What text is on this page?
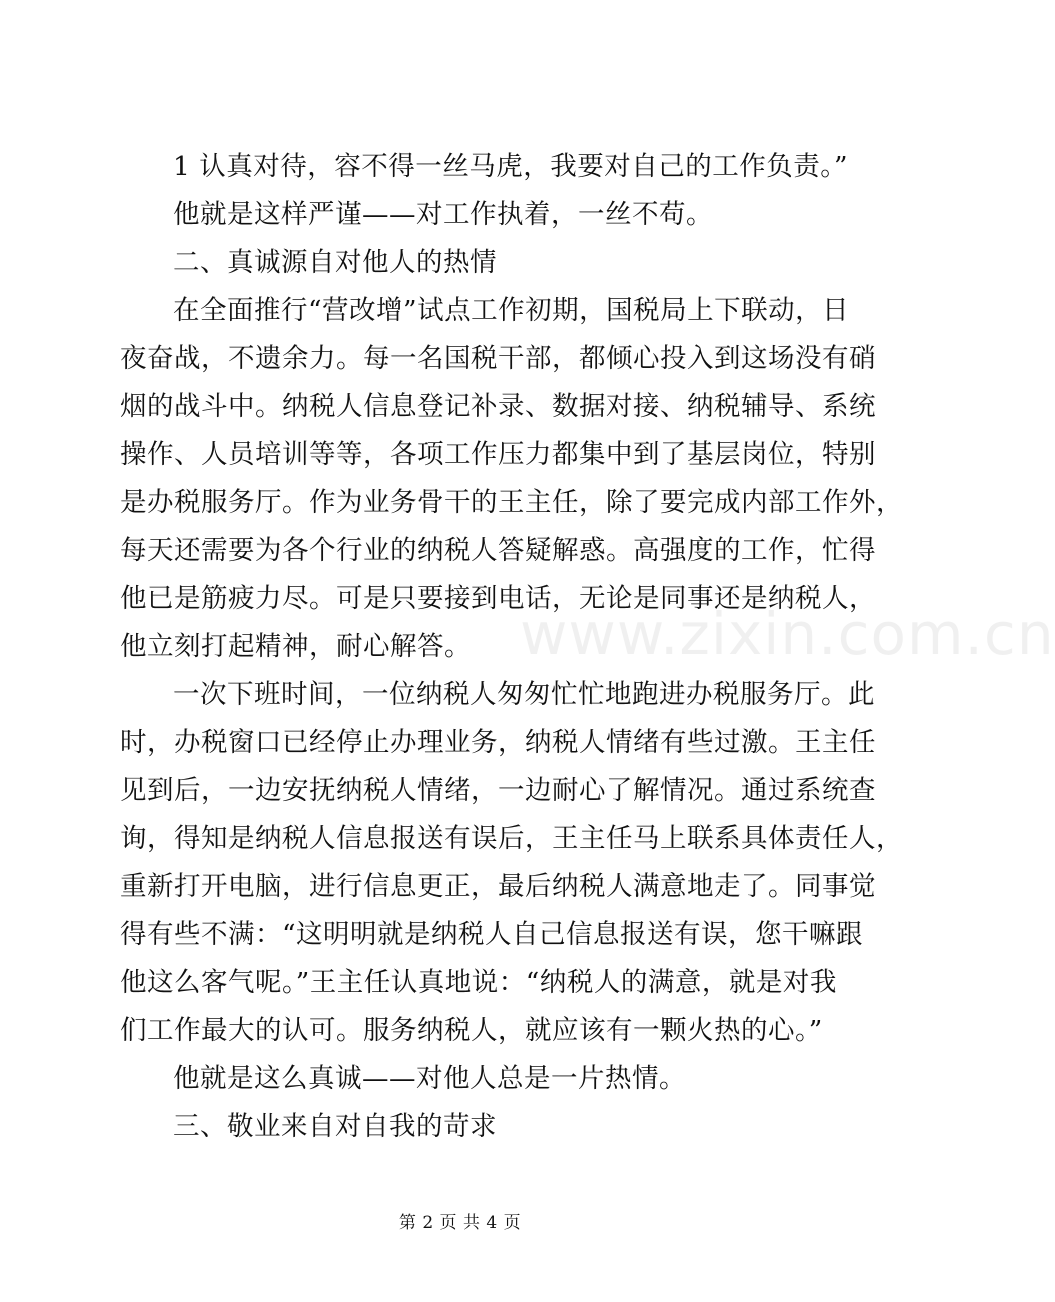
www.zixin.com.cn
1 认真对待，容不得一丝马虎，我要对自己的工作负责。”
他就是这样严谨——对工作执着，一丝不苟。
二、真诚源自对他人的热情
在全面推行“营改增”试点工作初期，国税局上下联动，日
夜奋战，不遗余力。每一名国税干部，都倾心投入到这场没有硝
烟的战斗中。纳税人信息登记补录、数据对接、纳税辅导、系统
操作、人员培训等等，各项工作压力都集中到了基层岗位，特别
是办税服务厅。作为业务骨干的王主任，除了要完成内部工作外，
每天还需要为各个行业的纳税人答疑解惑。高强度的工作，忙得
他已是筋疲力尽。可是只要接到电话，无论是同事还是纳税人，
他立刻打起精神，耐心解答。
一次下班时间，一位纳税人匆匆忙忙地跑进办税服务厅。此
时，办税窗口已经停止办理业务，纳税人情绪有些过激。王主任
见到后，一边安抚纳税人情绪，一边耐心了解情况。通过系统查
询，得知是纳税人信息报送有误后，王主任马上联系具体责任人，
重新打开电脑，进行信息更正，最后纳税人满意地走了。同事觉
得有些不满：“这明明就是纳税人自己信息报送有误，您干嘛跟
他这么客气呢。”王主任认真地说：“纳税人的满意，就是对我
们工作最大的认可。服务纳税人，就应该有一颗火热的心。”
他就是这么真诚——对他人总是一片热情。
三、敬业来自对自我的苛求
第 2 页 共 4 页
